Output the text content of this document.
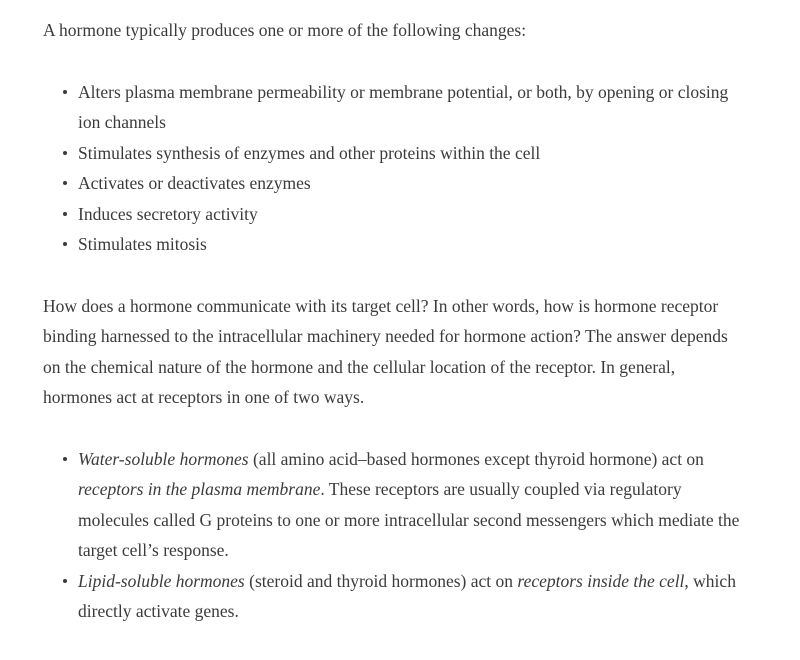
A hormone typically produces one or more of the following changes:

Alters plasma membrane permeability or membrane potential, or both, by opening or closing ion channels
Stimulates synthesis of enzymes and other proteins within the cell
Activates or deactivates enzymes
Induces secretory activity
Stimulates mitosis

How does a hormone communicate with its target cell? In other words, how is hormone receptor binding harnessed to the intracellular machinery needed for hormone action? The answer depends on the chemical nature of the hormone and the cellular location of the receptor. In general, hormones act at receptors in one of two ways.

Water-soluble hormones (all amino acid–based hormones except thyroid hormone) act on receptors in the plasma membrane. These receptors are usually coupled via regulatory molecules called G proteins to one or more intracellular second messengers which mediate the target cell’s response.
Lipid-soluble hormones (steroid and thyroid hormones) act on receptors inside the cell, which directly activate genes.
